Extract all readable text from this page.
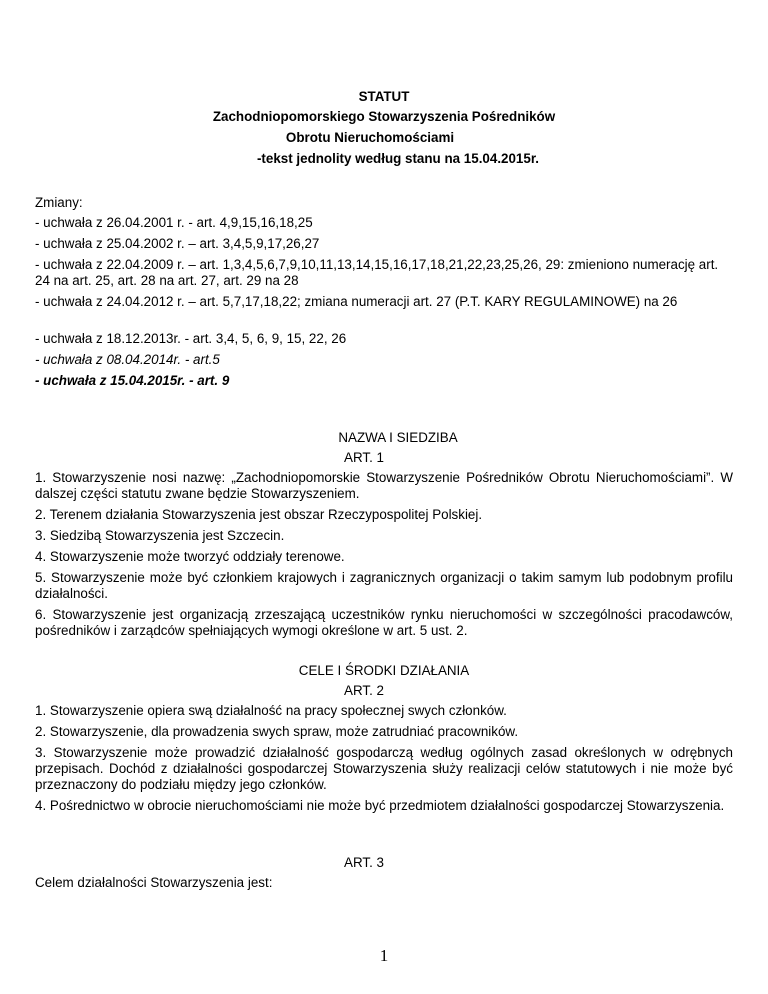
STATUT

Zachodniopomorskiego Stowarzyszenia Pośredników

Obrotu Nieruchomościami

-tekst jednolity według stanu na 15.04.2015r.

Zmiany:

- uchwała z 26.04.2001 r. - art. 4,9,15,16,18,25

- uchwała z 25.04.2002 r. – art. 3,4,5,9,17,26,27

- uchwała z 22.04.2009 r. – art. 1,3,4,5,6,7,9,10,11,13,14,15,16,17,18,21,22,23,25,26, 29: zmieniono numerację art. 24 na art. 25, art. 28 na art. 27, art. 29 na 28

- uchwała z 24.04.2012 r. – art. 5,7,17,18,22; zmiana numeracji art. 27 (P.T. KARY REGULAMINOWE) na 26

- uchwała z 18.12.2013r. - art. 3,4, 5, 6, 9, 15, 22, 26

- uchwała z 08.04.2014r. - art.5

- uchwała z 15.04.2015r. - art. 9

NAZWA I SIEDZIBA

ART. 1

1. Stowarzyszenie nosi nazwę: „Zachodniopomorskie Stowarzyszenie Pośredników Obrotu Nieruchomościami”. W dalszej części statutu zwane będzie Stowarzyszeniem.

2. Terenem działania Stowarzyszenia jest obszar Rzeczypospolitej Polskiej.

3. Siedzibą Stowarzyszenia jest Szczecin.

4. Stowarzyszenie może tworzyć oddziały terenowe.

5. Stowarzyszenie może być członkiem krajowych i zagranicznych organizacji o takim samym lub podobnym profilu działalności.

6. Stowarzyszenie jest organizacją zrzeszającą uczestników rynku nieruchomości w szczególności pracodawców, pośredników i zarządców spełniających wymogi określone w art. 5 ust. 2.

CELE I ŚRODKI DZIAŁANIA

ART. 2

1. Stowarzyszenie opiera swą działalność na pracy społecznej swych członków.

2. Stowarzyszenie, dla prowadzenia swych spraw, może zatrudniać pracowników.

3. Stowarzyszenie może prowadzić działalność gospodarczą według ogólnych zasad określonych w odrębnych przepisach. Dochód z działalności gospodarczej Stowarzyszenia służy realizacji celów statutowych i nie może być przeznaczony do podziału między jego członków.

4. Pośrednictwo w obrocie nieruchomościami nie może być przedmiotem działalności gospodarczej Stowarzyszenia.

ART. 3

Celem działalności Stowarzyszenia jest:

1
